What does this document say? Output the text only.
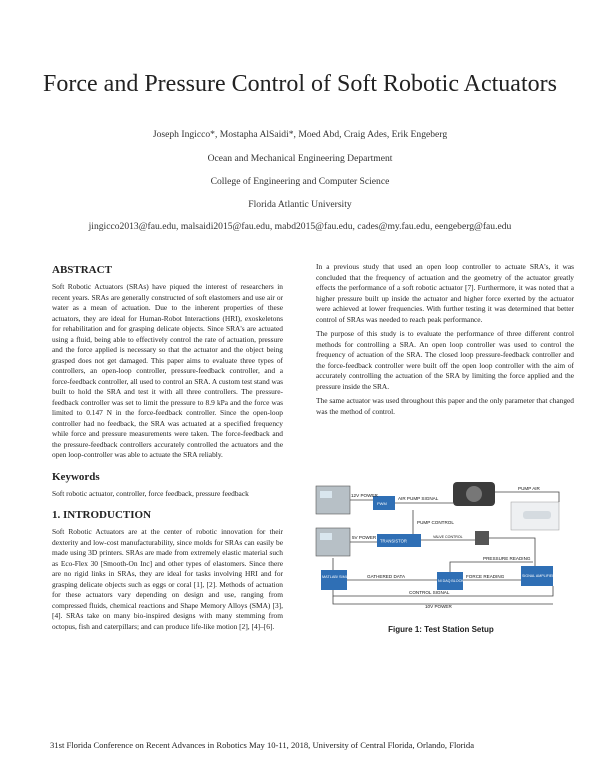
Force and Pressure Control of Soft Robotic Actuators
Joseph Ingicco*, Mostapha AlSaidi*, Moed Abd, Craig Ades, Erik Engeberg
Ocean and Mechanical Engineering Department
College of Engineering and Computer Science
Florida Atlantic University
jingicco2013@fau.edu, malsaidi2015@fau.edu, mabd2015@fau.edu, cades@my.fau.edu, eengeberg@fau.edu
ABSTRACT

Soft Robotic Actuators (SRAs) have piqued the interest of researchers in recent years. SRAs are generally constructed of soft elastomers and use air or water as a mean of actuation. Due to the inherent properties of these actuators, they are ideal for Human-Robot Interactions (HRI), exoskeletons for rehabilitation and for grasping delicate objects. Since SRA's are actuated using a fluid, being able to effectively control the rate of actuation, pressure and the force applied is necessary so that the actuator and the object being grasped does not get damaged. This paper aims to evaluate three types of controllers, an open-loop controller, pressure-feedback controller, and a force-feedback controller, all used to control an SRA. A custom test stand was built to hold the SRA and test it with all three controllers. The pressure-feedback controller was set to limit the pressure to 8.9 kPa and the force was limited to 0.147 N in the force-feedback controller. Since the open-loop controller had no feedback, the SRA was actuated at a specified frequency while force and pressure measurements were taken. The force-feedback and the pressure-feedback controllers accurately controlled the actuators and the open loop-controller was able to actuate the SRA reliably.

Keywords

Soft robotic actuator, controller, force feedback, pressure feedback

1. INTRODUCTION

Soft Robotic Actuators are at the center of robotic innovation for their dexterity and low-cost manufacturability, since molds for SRAs can easily be made using 3D printers. SRAs are made from extremely elastic material such as Eco-Flex 30 [Smooth-On Inc] and other types of elastomers. Since there are no rigid links in SRAs, they are ideal for tasks involving HRI and for grasping delicate objects such as eggs or coral [1], [2]. Methods of actuation for these actuators vary depending on design and use, ranging from compressed fluids, chemical reactions and Shape Memory Alloys (SMA) [3], [4]. SRAs take on many bio-inspired designs with many stemming from octopus, fish and caterpillars; and can produce life-like motion [2], [4]–[6].

In a previous study that used an open loop controller to actuate SRA's, it was concluded that the frequency of actuation and the geometry of the actuator greatly effects the performance of a soft robotic actuator [7]. Furthermore, it was noted that a higher pressure built up inside the actuator and higher force exerted by the actuator were achieved at lower frequencies. With further testing it was determined that better control of SRAs was needed to reach peak performance.

The purpose of this study is to evaluate the performance of three different control methods for controlling a SRA. An open loop controller was used to control the frequency of actuation of the SRA. The closed loop pressure-feedback controller and the force-feedback controller were built off the open loop controller with the aim of accurately controlling the actuation of the SRA by limiting the force applied and the pressure inside the SRA.

The same actuator was used throughout this paper and the only parameter that changed was the method of control.

PUMP AIR
12V POWER
AIR PUMP SIGNAL
PWM
PUMP CONTROL
5V POWER
TRANSISTOR
VALVE CONTROL
PRESSURE READING
MATLAB/ SIMULINK GATHERED DATA
NI DAQ BLOCK
FORCE READING	SIGNAL AMPLIFIER
CONTROL SIGNAL
10V POWER
Figure 1: Test Station Setup
31st Florida Conference on Recent Advances in Robotics May 10-11, 2018, University of Central Florida, Orlando, Florida
